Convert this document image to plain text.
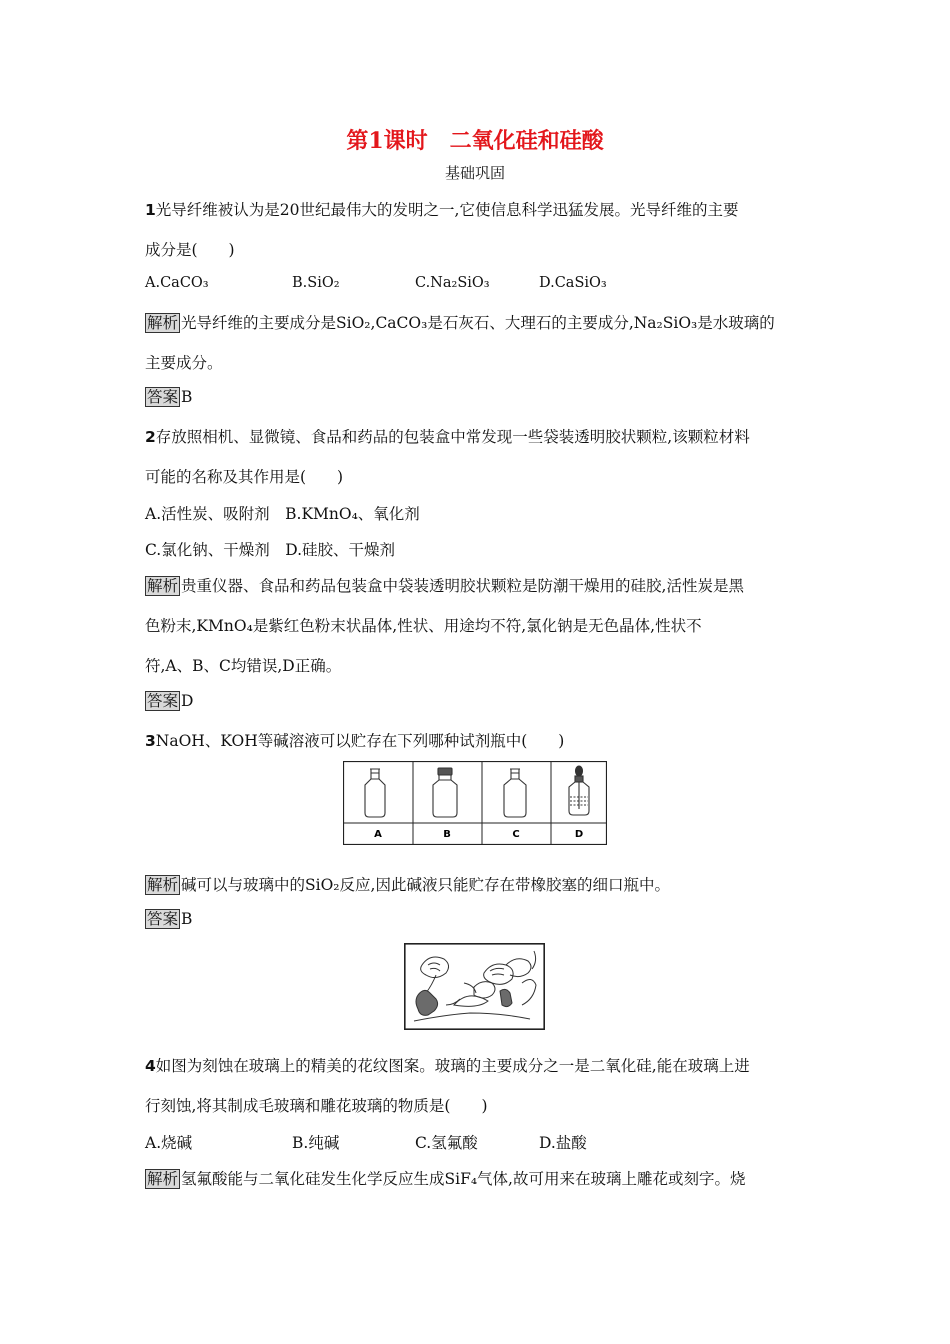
第1课时 二氧化硅和硅酸
基础巩固
1光导纤维被认为是20世纪最伟大的发明之一,它使信息科学迅猛发展。光导纤维的主要
成分是(　　)
A.CaCO₃	B.SiO₂	C.Na₂SiO₃	D.CaSiO₃
解析 光导纤维的主要成分是SiO₂,CaCO₃是石灰石、大理石的主要成分,Na₂SiO₃是水玻璃的
主要成分。
答案 B
2存放照相机、显微镜、食品和药品的包装盒中常发现一些袋装透明胶状颗粒,该颗粒材料
可能的名称及其作用是(　　)
A.活性炭、吸附剂　B.KMnO₄、氧化剂
C.氯化钠、干燥剂　D.硅胶、干燥剂
解析 贵重仪器、食品和药品包装盒中袋装透明胶状颗粒是防潮干燥用的硅胶,活性炭是黑
色粉末,KMnO₄是紫红色粉末状晶体,性状、用途均不符,氯化钠是无色晶体,性状不
符,A、B、C均错误,D正确。
答案 D
3NaOH、KOH等碱溶液可以贮存在下列哪种试剂瓶中(　　)
A	B	C	D
解析 碱可以与玻璃中的SiO₂反应,因此碱液只能贮存在带橡胶塞的细口瓶中。
答案 B
4如图为刻蚀在玻璃上的精美的花纹图案。玻璃的主要成分之一是二氧化硅,能在玻璃上进
行刻蚀,将其制成毛玻璃和雕花玻璃的物质是(　　)
A.烧碱	B.纯碱	C.氢氟酸	D.盐酸
解析 氢氟酸能与二氧化硅发生化学反应生成SiF₄气体,故可用来在玻璃上雕花或刻字。烧
